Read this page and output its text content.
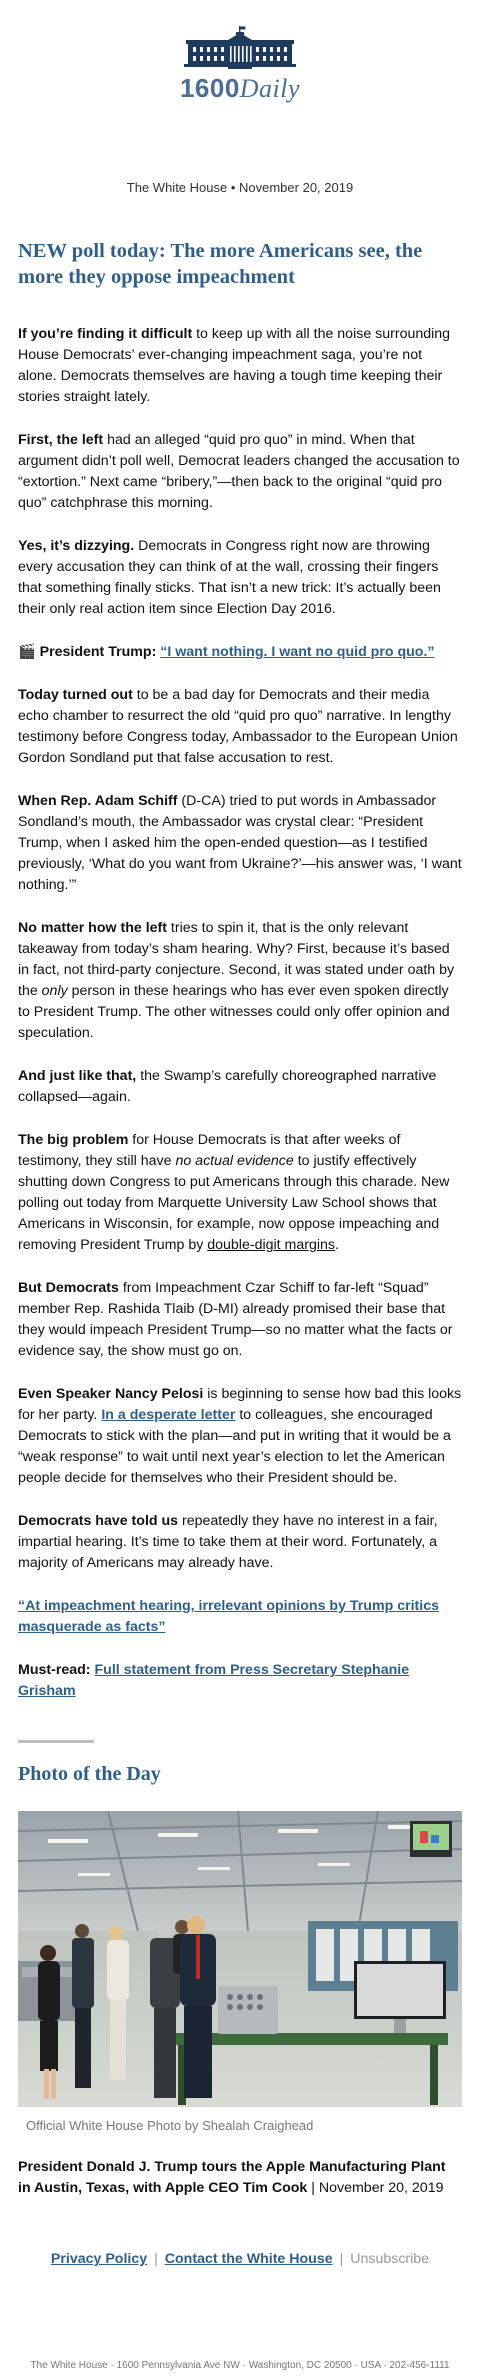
1600Daily
The White House • November 20, 2019
NEW poll today: The more Americans see, the more they oppose impeachment

If you’re finding it difficult to keep up with all the noise surrounding House Democrats’ ever-changing impeachment saga, you’re not alone. Democrats themselves are having a tough time keeping their stories straight lately.

First, the left had an alleged “quid pro quo” in mind. When that argument didn’t poll well, Democrat leaders changed the accusation to “extortion.” Next came “bribery,”—then back to the original “quid pro quo” catchphrase this morning.

Yes, it’s dizzying. Democrats in Congress right now are throwing every accusation they can think of at the wall, crossing their fingers that something finally sticks. That isn’t a new trick: It’s actually been their only real action item since Election Day 2016.

🎬 President Trump: “I want nothing. I want no quid pro quo.”

Today turned out to be a bad day for Democrats and their media echo chamber to resurrect the old “quid pro quo” narrative. In lengthy testimony before Congress today, Ambassador to the European Union Gordon Sondland put that false accusation to rest.

When Rep. Adam Schiff (D-CA) tried to put words in Ambassador Sondland’s mouth, the Ambassador was crystal clear: “President Trump, when I asked him the open-ended question—as I testified previously, ‘What do you want from Ukraine?’—his answer was, ‘I want nothing.’”

No matter how the left tries to spin it, that is the only relevant takeaway from today’s sham hearing. Why? First, because it’s based in fact, not third-party conjecture. Second, it was stated under oath by the only person in these hearings who has ever even spoken directly to President Trump. The other witnesses could only offer opinion and speculation.

And just like that, the Swamp’s carefully choreographed narrative collapsed—again.

The big problem for House Democrats is that after weeks of testimony, they still have no actual evidence to justify effectively shutting down Congress to put Americans through this charade. New polling out today from Marquette University Law School shows that Americans in Wisconsin, for example, now oppose impeaching and removing President Trump by double-digit margins.

But Democrats from Impeachment Czar Schiff to far-left “Squad” member Rep. Rashida Tlaib (D-MI) already promised their base that they would impeach President Trump—so no matter what the facts or evidence say, the show must go on.

Even Speaker Nancy Pelosi is beginning to sense how bad this looks for her party. In a desperate letter to colleagues, she encouraged Democrats to stick with the plan—and put in writing that it would be a “weak response” to wait until next year’s election to let the American people decide for themselves who their President should be.

Democrats have told us repeatedly they have no interest in a fair, impartial hearing. It’s time to take them at their word. Fortunately, a majority of Americans may already have.

“At impeachment hearing, irrelevant opinions by Trump critics masquerade as facts”

Must-read: Full statement from Press Secretary Stephanie Grisham

Photo of the Day
Official White House Photo by Shealah Craighead

President Donald J. Trump tours the Apple Manufacturing Plant in Austin, Texas, with Apple CEO Tim Cook | November 20, 2019

Privacy Policy | Contact the White House | Unsubscribe
The White House · 1600 Pennsylvania Ave NW · Washington, DC 20500 · USA · 202-456-1111
